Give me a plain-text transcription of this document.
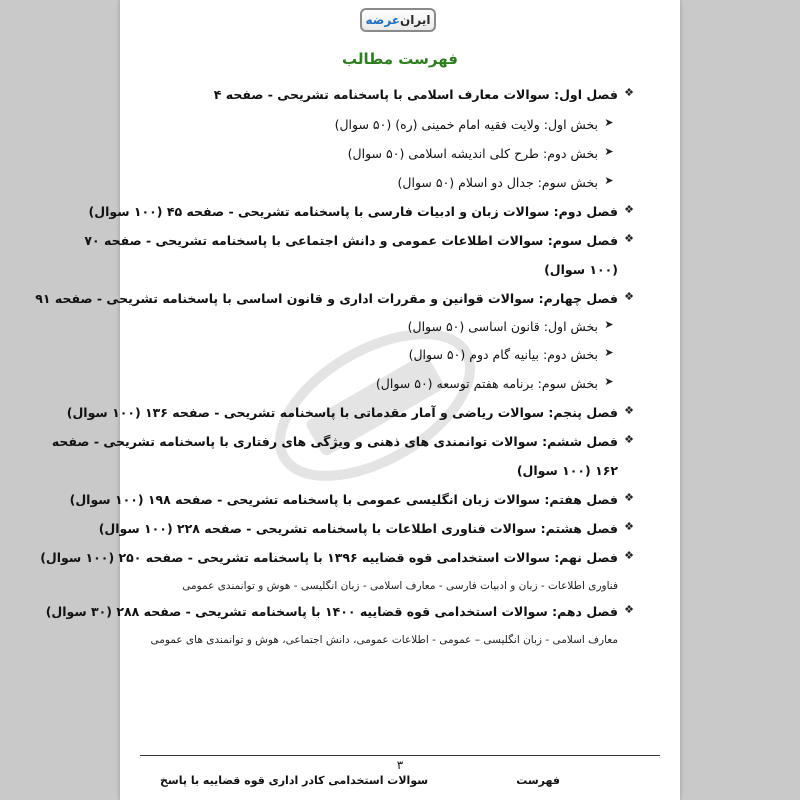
ایران
عرضه
فهرست مطالب
❖
فصل اول: سوالات معارف اسلامی با پاسخنامه تشریحی - صفحه ۴
➤
بخش اول: ولایت فقیه امام خمینی (ره) (۵۰ سوال)
➤
بخش دوم: طرح کلی اندیشه اسلامی (۵۰ سوال)
➤
بخش سوم: جدال دو اسلام (۵۰ سوال)
❖
فصل دوم: سوالات زبان و ادبیات فارسی با پاسخنامه تشریحی - صفحه ۴۵ (۱۰۰ سوال)
❖
فصل سوم: سوالات اطلاعات عمومی و دانش اجتماعی با پاسخنامه تشریحی - صفحه ۷۰
(۱۰۰ سوال)
❖
فصل چهارم: سوالات قوانین و مقررات اداری و قانون اساسی با پاسخنامه تشریحی - صفحه ۹۱
➤
بخش اول: قانون اساسی (۵۰ سوال)
➤
بخش دوم: بیانیه گام دوم (۵۰ سوال)
➤
بخش سوم: برنامه هفتم توسعه (۵۰ سوال)
❖
فصل پنجم: سوالات ریاضی و آمار مقدماتی با پاسخنامه تشریحی - صفحه ۱۳۶ (۱۰۰ سوال)
❖
فصل ششم: سوالات توانمندی های ذهنی و ویژگی های رفتاری با پاسخنامه تشریحی - صفحه
۱۶۲ (۱۰۰ سوال)
❖
فصل هفتم: سوالات زبان انگلیسی عمومی با پاسخنامه تشریحی - صفحه ۱۹۸ (۱۰۰ سوال)
❖
فصل هشتم: سوالات فناوری اطلاعات با پاسخنامه تشریحی - صفحه ۲۲۸ (۱۰۰ سوال)
❖
فصل نهم: سوالات استخدامی قوه قضاییه ۱۳۹۶ با پاسخنامه تشریحی - صفحه ۲۵۰ (۱۰۰ سوال)
فناوری اطلاعات - زبان و ادبیات فارسی - معارف اسلامی - زبان انگلیسی - هوش و توانمندی عمومی
❖
فصل دهم: سوالات استخدامی قوه قضاییه ۱۴۰۰ با پاسخنامه تشریحی - صفحه ۲۸۸ (۳۰ سوال)
معارف اسلامی - زبان انگلیسی – عمومی - اطلاعات عمومی، دانش اجتماعی، هوش و توانمندی های عمومی
۳
سوالات استخدامی کادر اداری قوه قضاییه با پاسخ	فهرست
